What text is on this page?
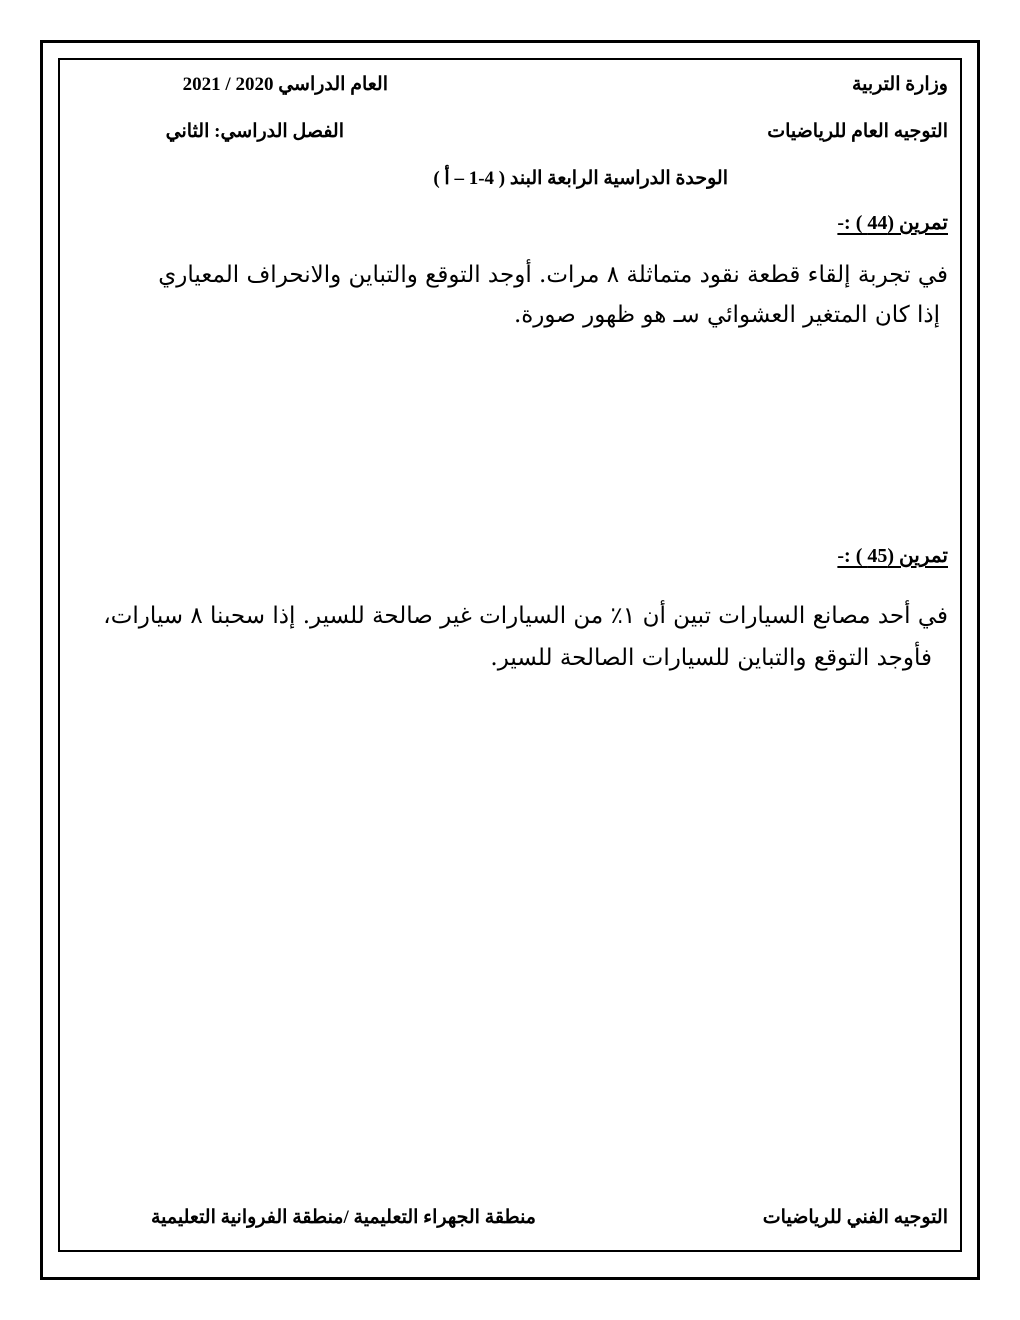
وزارة التربية
العام الدراسي 2020 / 2021
التوجيه العام للرياضيات
الفصل الدراسي: الثاني
الوحدة الدراسية الرابعة البند ( 4-1 – أ )
تمرين (44 ) :-
في تجربة إلقاء قطعة نقود متماثلة ٨ مرات. أوجد التوقع والتباين والانحراف المعياري
إذا كان المتغير العشوائي سـ هو ظهور صورة.
تمرين (45 ) :-
في أحد مصانع السيارات تبين أن ١٪ من السيارات غير صالحة للسير. إذا سحبنا ٨ سيارات،
فأوجد التوقع والتباين للسيارات الصالحة للسير.
التوجيه الفني للرياضيات
منطقة الجهراء التعليمية /منطقة الفروانية التعليمية
